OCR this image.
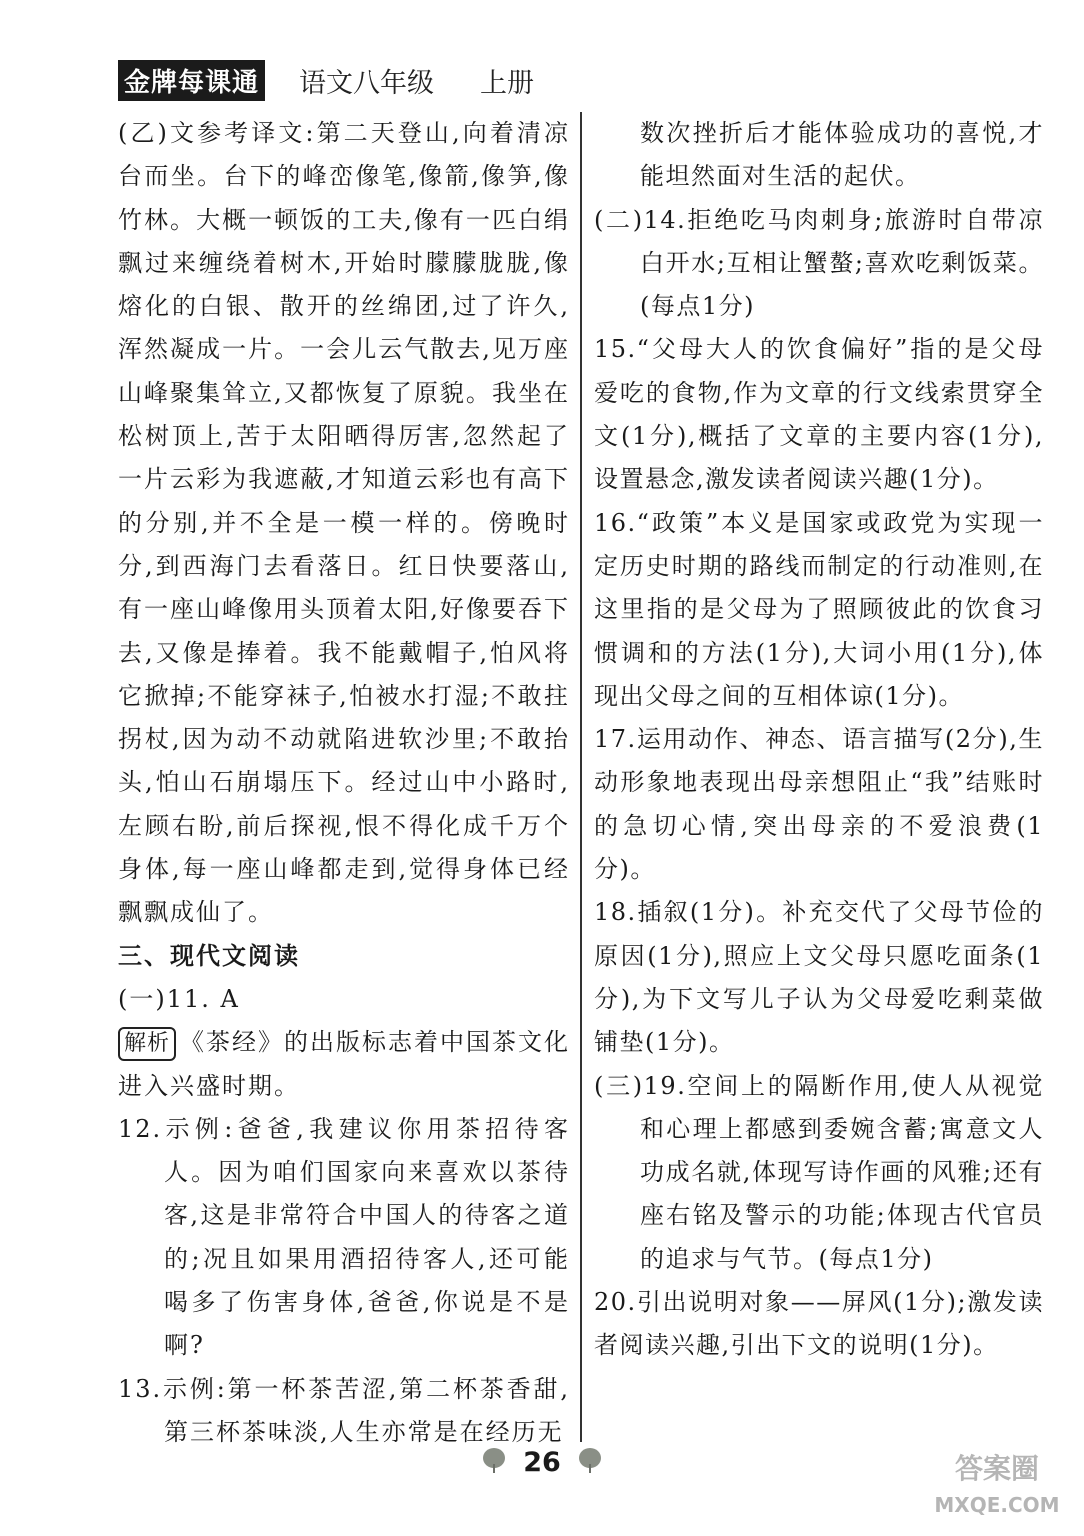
金牌每课通 语文八年级 上册

(乙)文参考译文:第二天登山,向着清凉台而坐。台下的峰峦像笔,像箭,像笋,像竹林。大概一顿饭的工夫,像有一匹白绢飘过来缠绕着树木,开始时朦朦胧胧,像熔化的白银、散开的丝绵团,过了许久,浑然凝成一片。一会儿云气散去,见万座山峰聚集耸立,又都恢复了原貌。我坐在松树顶上,苦于太阳晒得厉害,忽然起了一片云彩为我遮蔽,才知道云彩也有高下的分别,并不全是一模一样的。傍晚时分,到西海门去看落日。红日快要落山,有一座山峰像用头顶着太阳,好像要吞下去,又像是捧着。我不能戴帽子,怕风将它掀掉;不能穿袜子,怕被水打湿;不敢拄拐杖,因为动不动就陷进软沙里;不敢抬头,怕山石崩塌压下。经过山中小路时,左顾右盼,前后探视,恨不得化成千万个身体,每一座山峰都走到,觉得身体已经飘飘成仙了。

三、现代文阅读

(一)11. A

解析 《茶经》的出版标志着中国茶文化进入兴盛时期。

12.示例:爸爸,我建议你用茶招待客人。因为咱们国家向来喜欢以茶待客,这是非常符合中国人的待客之道的;况且如果用酒招待客人,还可能喝多了伤害身体,爸爸,你说是不是啊?

13.示例:第一杯茶苦涩,第二杯茶香甜,第三杯茶味淡,人生亦常是在经历无

数次挫折后才能体验成功的喜悦,才能坦然面对生活的起伏。

(二)14.拒绝吃马肉刺身;旅游时自带凉白开水;互相让蟹螯;喜欢吃剩饭菜。(每点1分)

15.“父母大人的饮食偏好”指的是父母爱吃的食物,作为文章的行文线索贯穿全文(1分),概括了文章的主要内容(1分),设置悬念,激发读者阅读兴趣(1分)。

16.“政策”本义是国家或政党为实现一定历史时期的路线而制定的行动准则,在这里指的是父母为了照顾彼此的饮食习惯调和的方法(1分),大词小用(1分),体现出父母之间的互相体谅(1分)。

17.运用动作、神态、语言描写(2分),生动形象地表现出母亲想阻止“我”结账时的急切心情,突出母亲的不爱浪费(1分)。

18.插叙(1分)。补充交代了父母节俭的原因(1分),照应上文父母只愿吃面条(1分),为下文写儿子认为父母爱吃剩菜做铺垫(1分)。

(三)19.空间上的隔断作用,使人从视觉和心理上都感到委婉含蓄;寓意文人功成名就,体现写诗作画的风雅;还有座右铭及警示的功能;体现古代官员的追求与气节。(每点1分)

20.引出说明对象——屏风(1分);激发读者阅读兴趣,引出下文的说明(1分)。

26	答案圈
MXQE.COM
